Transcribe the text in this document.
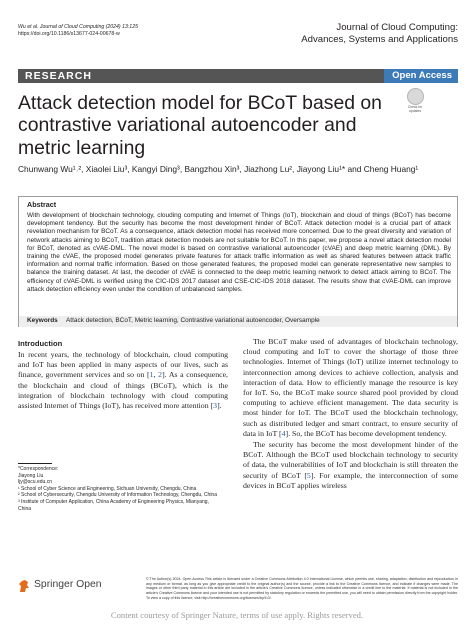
Wu et al. Journal of Cloud Computing (2024) 13:125
https://doi.org/10.1186/s13677-024-00678-w
Journal of Cloud Computing:
Advances, Systems and Applications
RESEARCH	Open Access
Check for updates
Attack detection model for BCoT based on contrastive variational autoencoder and metric learning
Chunwang Wu¹˒², Xiaolei Liu³, Kangyi Ding³, Bangzhou Xin³, Jiazhong Lu², Jiayong Liu¹* and Cheng Huang¹
Abstract
With development of blockchain technology, clouding computing and Internet of Things (IoT), blockchain and cloud of things (BCoT) has become development tendency. But the security has become the most development hinder of BCoT. Attack detection model is a crucial part of attack revelation mechanism for BCoT. As a consequence, attack detection model has received more concerned. Due to the great diversity and variation of network attacks aiming to BCoT, tradition attack detection models are not suitable for BCoT. In this paper, we propose a novel attack detection model for BCoT, denoted as cVAE-DML. The novel model is based on contrastive variational autoencoder (cVAE) and deep metric learning (DML). By training the cVAE, the proposed model generates private features for attack traffic information as well as shared features between attack traffic information and normal traffic information. Based on those generated features, the proposed model can generate representative new samples to balance the training dataset. At last, the decoder of cVAE is connected to the deep metric learning network to detect attack aiming to BCoT. The efficiency of cVAE-DML is verified using the CIC-IDS 2017 dataset and CSE-CIC-IDS 2018 dataset. The results show that cVAE-DML can improve attack detection efficiency even under the condition of unbalanced samples.
Keywords Attack detection, BCoT, Metric learning, Contrastive variational autoencoder, Oversample
Introduction
In recent years, the technology of blockchain, cloud computing and IoT has been applied in many aspects of our lives, such as finance, government services and so on [1, 2]. As a consequence, the blockchain and cloud of things (BCoT), which is the integration of blockchain technology with cloud computing assisted Internet of Things (IoT), has received more attention [3].

The BCoT make used of advantages of blockchain technology, cloud computing and IoT to cover the shortage of those three technologies. Internet of Things (IoT) utilize internet technology to interconnection among devices to achieve collection, analysis and interaction of data. How to efficiently manage the resource is key for IoT. So, the BCoT make source shared pool provided by cloud computing to achieve efficient management. The data security is most hinder for IoT. The BCoT used the blockchain technology, such as distributed ledger and smart contract, to ensure security of data in IoT [4]. So, the BCoT has become development tendency.

The security has become the most development hinder of the BCoT. Although the BCoT used blockchain technology to security of data, the vulnerabilities of IoT and blockchain is still threaten the security of BCoT [5]. For example, the interconnection of some devices in BCoT applies wireless

*Correspondence:
Jiayong Liu
ljy@scu.edu.cn
¹ School of Cyber Science and Engineering, Sichuan University, Chengdu, China
² School of Cybersecurity, Chengdu University of Information Technology, Chengdu, China
³ Institute of Computer Application, China Academy of Engineering Physics, Mianyang, China
Springer Open	© The Author(s) 2024. Open Access This article is licensed under a Creative Commons Attribution 4.0 International License, which permits use, sharing, adaptation, distribution and reproduction in any medium or format, as long as you give appropriate credit to the original author(s) and the source, provide a link to the Creative Commons licence, and indicate if changes were made. The images or other third party material in this article are included in the article's Creative Commons licence, unless indicated otherwise in a credit line to the material. If material is not included in the article's Creative Commons licence and your intended use is not permitted by statutory regulation or exceeds the permitted use, you will need to obtain permission directly from the copyright holder. To view a copy of this licence, visit http://creativecommons.org/licenses/by/4.0/.
Content courtesy of Springer Nature, terms of use apply. Rights reserved.
